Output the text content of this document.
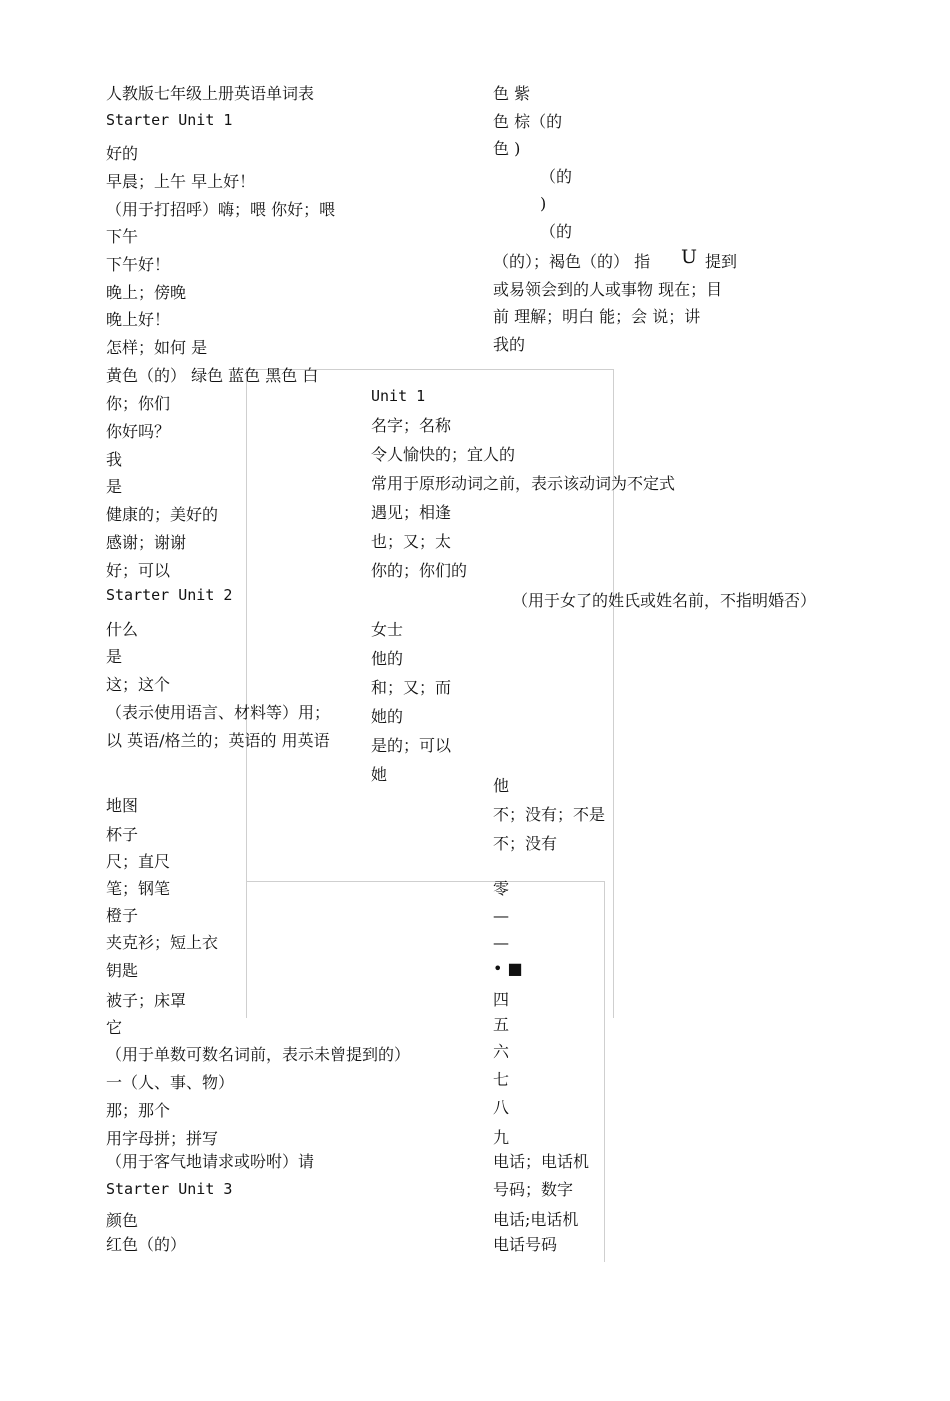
人教版七年级上册英语单词表
Starter Unit 1
好的
早晨；上午 早上好！
（用于打招呼）嗨；喂 你好；喂
下午
下午好！
晚上；傍晚
晚上好！
怎样；如何 是
黄色（的） 绿色 蓝色 黑色 白
你；你们
你好吗？
我
是
健康的；美好的
感谢；谢谢
好；可以
Starter Unit 2
什么
是
这；这个
（表示使用语言、材料等）用；
以 英语/格兰的；英语的 用英语
地图
杯子
尺；直尺
笔；钢笔
橙子
夹克衫；短上衣
钥匙
被子；床罩
它
（用于单数可数名词前，表示未曾提到的）
一（人、事、物）
那；那个
用字母拼；拼写
（用于客气地请求或吩咐）请
Starter Unit 3
颜色
红色（的）
色 紫
色 棕（的
色 )
（的
)
（的
（的）；褐色（的） 指 U 提到
或易领会到的人或事物 现在；目
前 理解；明白 能；会 说；讲
我的
Unit 1
名字；名称
令人愉快的；宜人的
常用于原形动词之前，表示该动词为不定式
遇见；相逢
也；又；太
你的；你们的
（用于女了的姓氏或姓名前，不指明婚否）
女士
他的
和；又；而
她的
是的；可以
她
他
不；没有；不是
不；没有
零
—
—
• ■
四
五
六
七
八
九
电话；电话机
号码；数字
电话;电话机
电话号码
